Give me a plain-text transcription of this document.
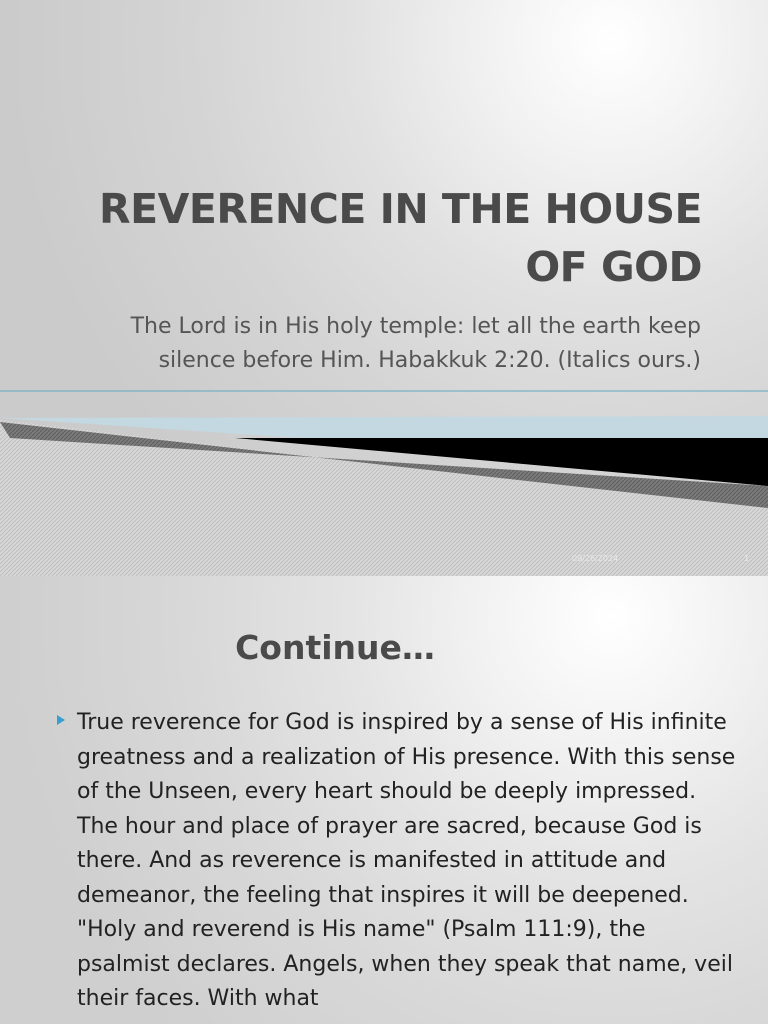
REVERENCE IN THE HOUSE OF GOD
The Lord is in His holy temple: let all the earth keep silence before Him. Habakkuk 2:20. (Italics ours.)
09/26/2024	1
Continue…
True reverence for God is inspired by a sense of His infinite greatness and a realization of His presence. With this sense of the Unseen, every heart should be deeply impressed. The hour and place of prayer are sacred, because God is there. And as reverence is manifested in attitude and demeanor, the feeling that inspires it will be deepened. "Holy and reverend is His name" (Psalm 111:9), the psalmist declares. Angels, when they speak that name, veil their faces. With what
